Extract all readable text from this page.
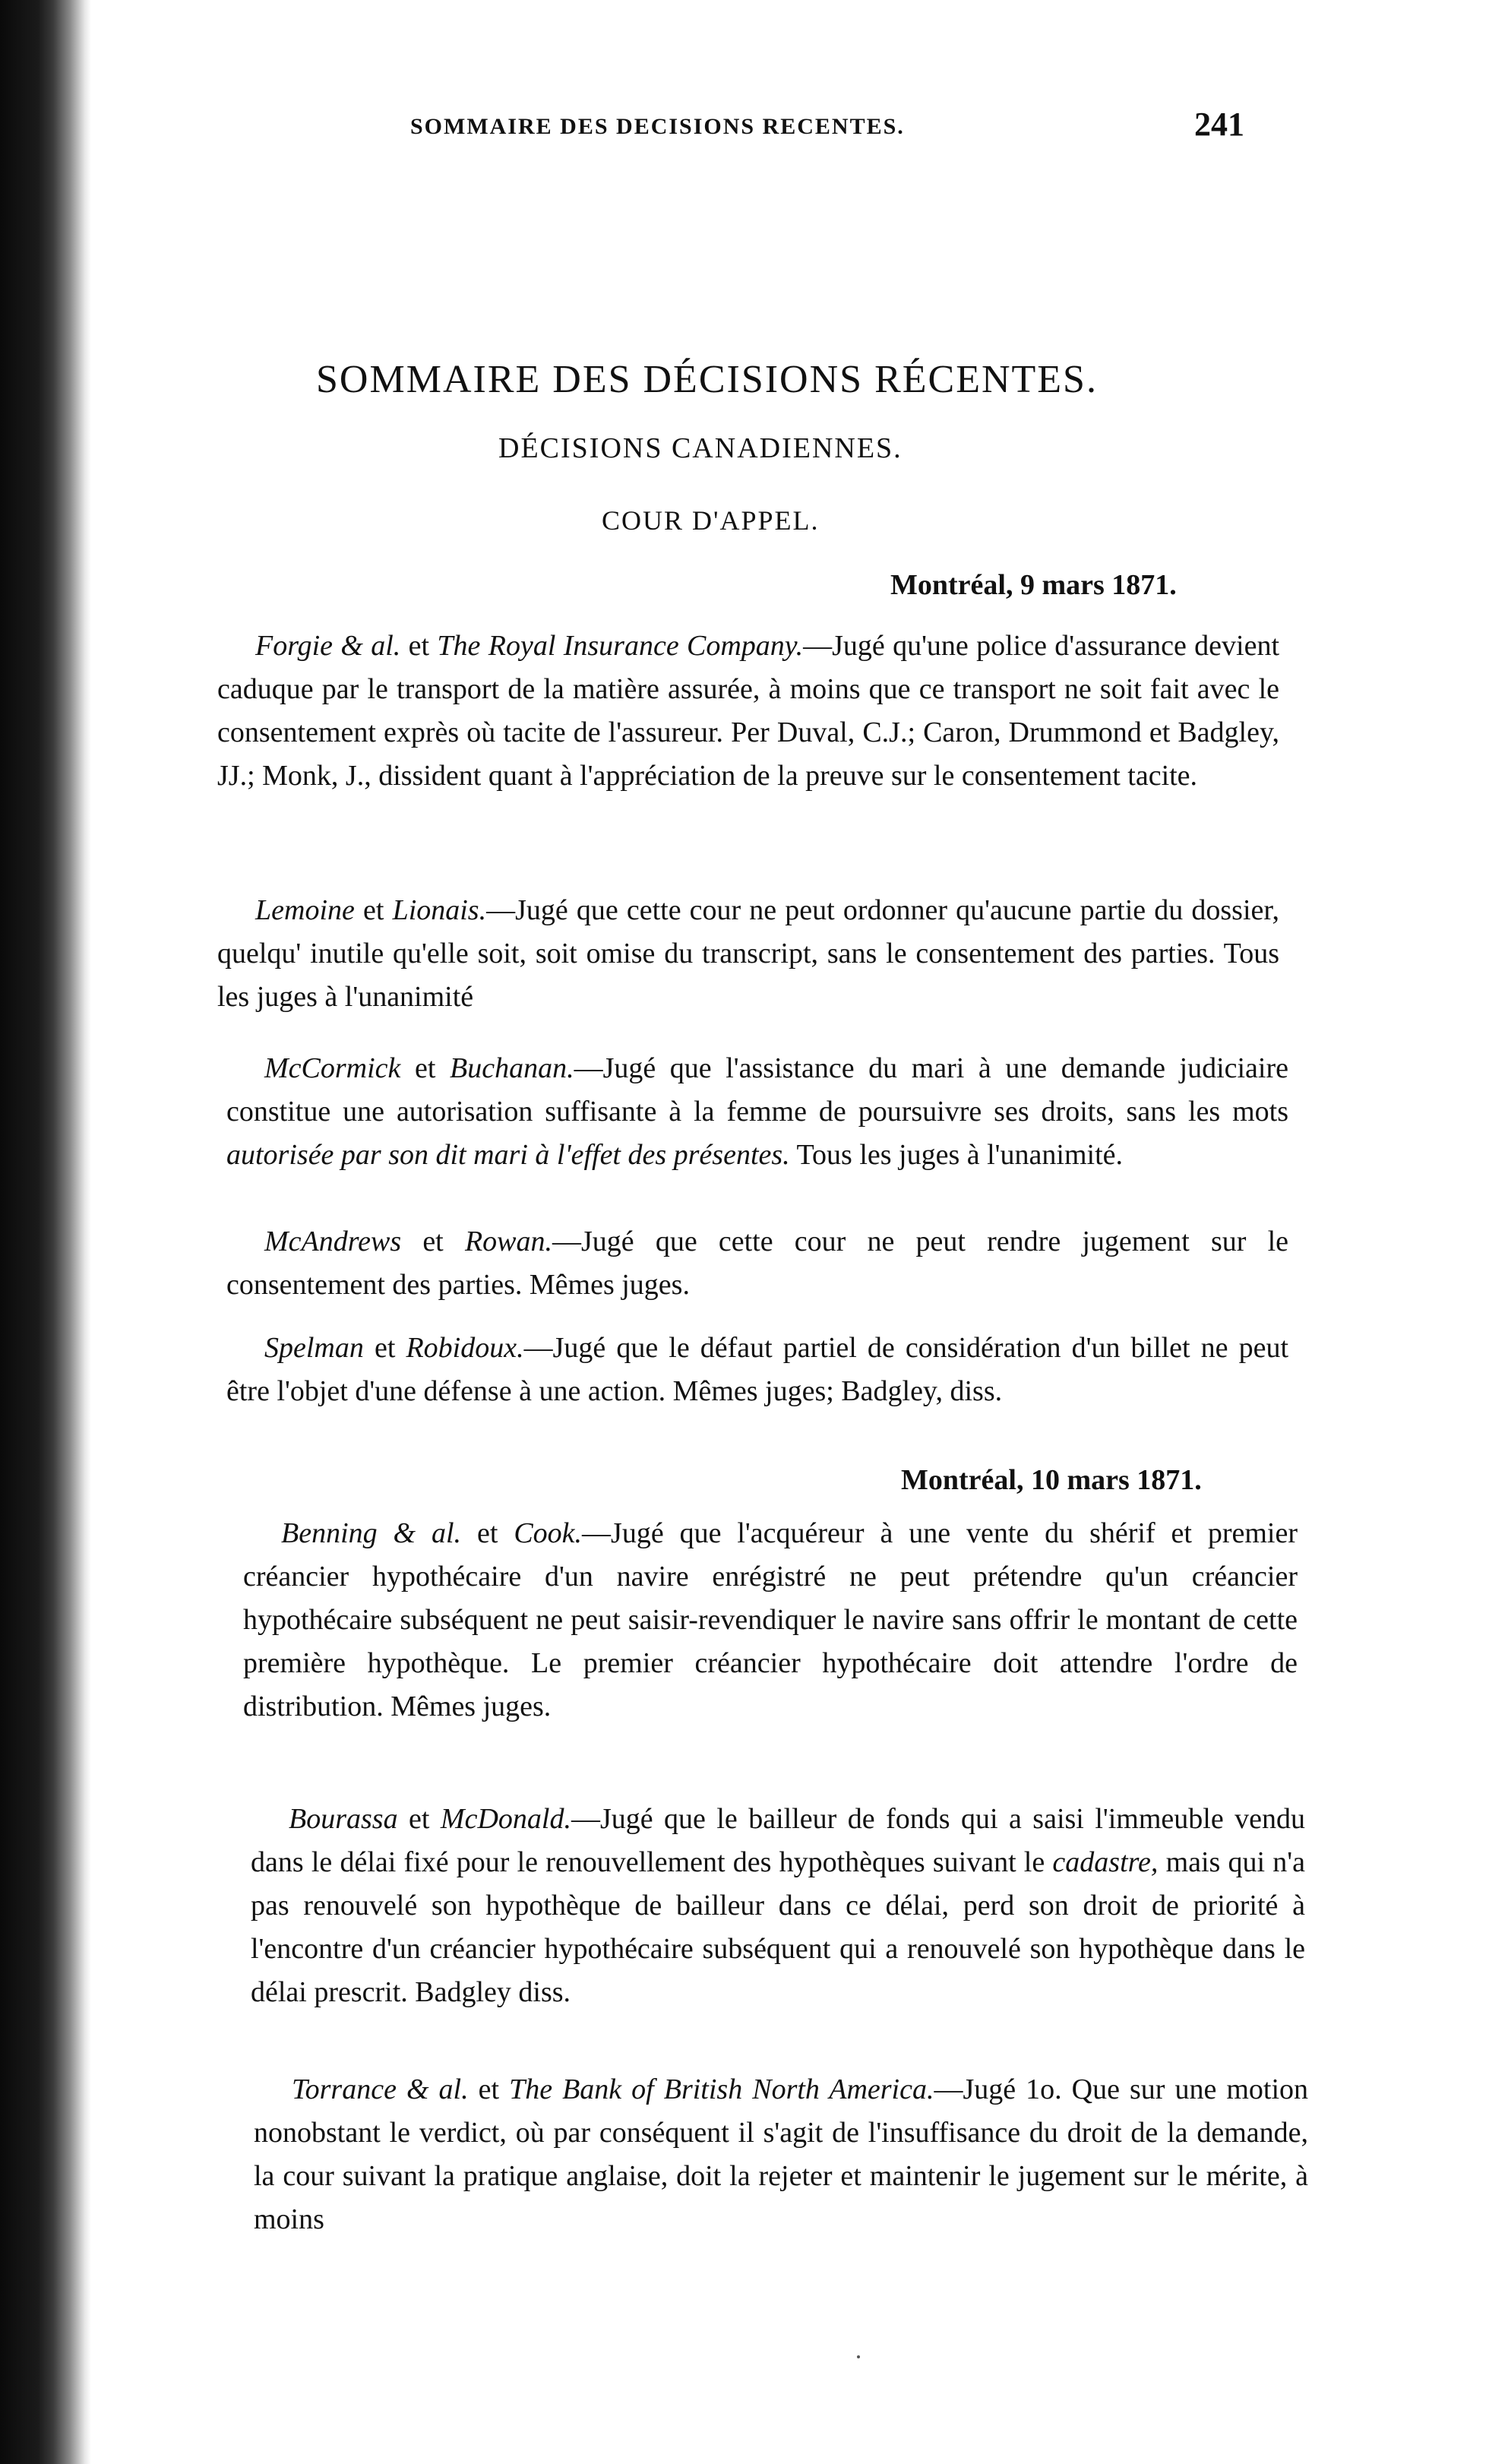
SOMMAIRE DES DECISIONS RECENTES.	241
SOMMAIRE DES DÉCISIONS RÉCENTES.
DÉCISIONS CANADIENNES.
COUR D'APPEL.
Montréal, 9 mars 1871.
Forgie & al. et The Royal Insurance Company.—Jugé qu'une police d'assurance devient caduque par le transport de la matière assurée, à moins que ce transport ne soit fait avec le consentement exprès où tacite de l'assureur. Per Duval, C.J.; Caron, Drummond et Badgley, JJ.; Monk, J., dissident quant à l'appréciation de la preuve sur le consentement tacite.
Lemoine et Lionais.—Jugé que cette cour ne peut ordonner qu'aucune partie du dossier, quelqu' inutile qu'elle soit, soit omise du transcript, sans le consentement des parties. Tous les juges à l'unanimité
McCormick et Buchanan.—Jugé que l'assistance du mari à une demande judiciaire constitue une autorisation suffisante à la femme de poursuivre ses droits, sans les mots autorisée par son dit mari à l'effet des présentes. Tous les juges à l'unanimité.
McAndrews et Rowan.—Jugé que cette cour ne peut rendre jugement sur le consentement des parties. Mêmes juges.
Spelman et Robidoux.—Jugé que le défaut partiel de considération d'un billet ne peut être l'objet d'une défense à une action. Mêmes juges; Badgley, diss.
Montréal, 10 mars 1871.
Benning & al. et Cook.—Jugé que l'acquéreur à une vente du shérif et premier créancier hypothécaire d'un navire enrégistré ne peut prétendre qu'un créancier hypothécaire subséquent ne peut saisir-revendiquer le navire sans offrir le montant de cette première hypothèque. Le premier créancier hypothécaire doit attendre l'ordre de distribution. Mêmes juges.
Bourassa et McDonald.—Jugé que le bailleur de fonds qui a saisi l'immeuble vendu dans le délai fixé pour le renouvellement des hypothèques suivant le cadastre, mais qui n'a pas renouvelé son hypothèque de bailleur dans ce délai, perd son droit de priorité à l'encontre d'un créancier hypothécaire subséquent qui a renouvelé son hypothèque dans le délai prescrit. Badgley diss.
Torrance & al. et The Bank of British North America.—Jugé 1o. Que sur une motion nonobstant le verdict, où par conséquent il s'agit de l'insuffisance du droit de la demande, la cour suivant la pratique anglaise, doit la rejeter et maintenir le jugement sur le mérite, à moins
